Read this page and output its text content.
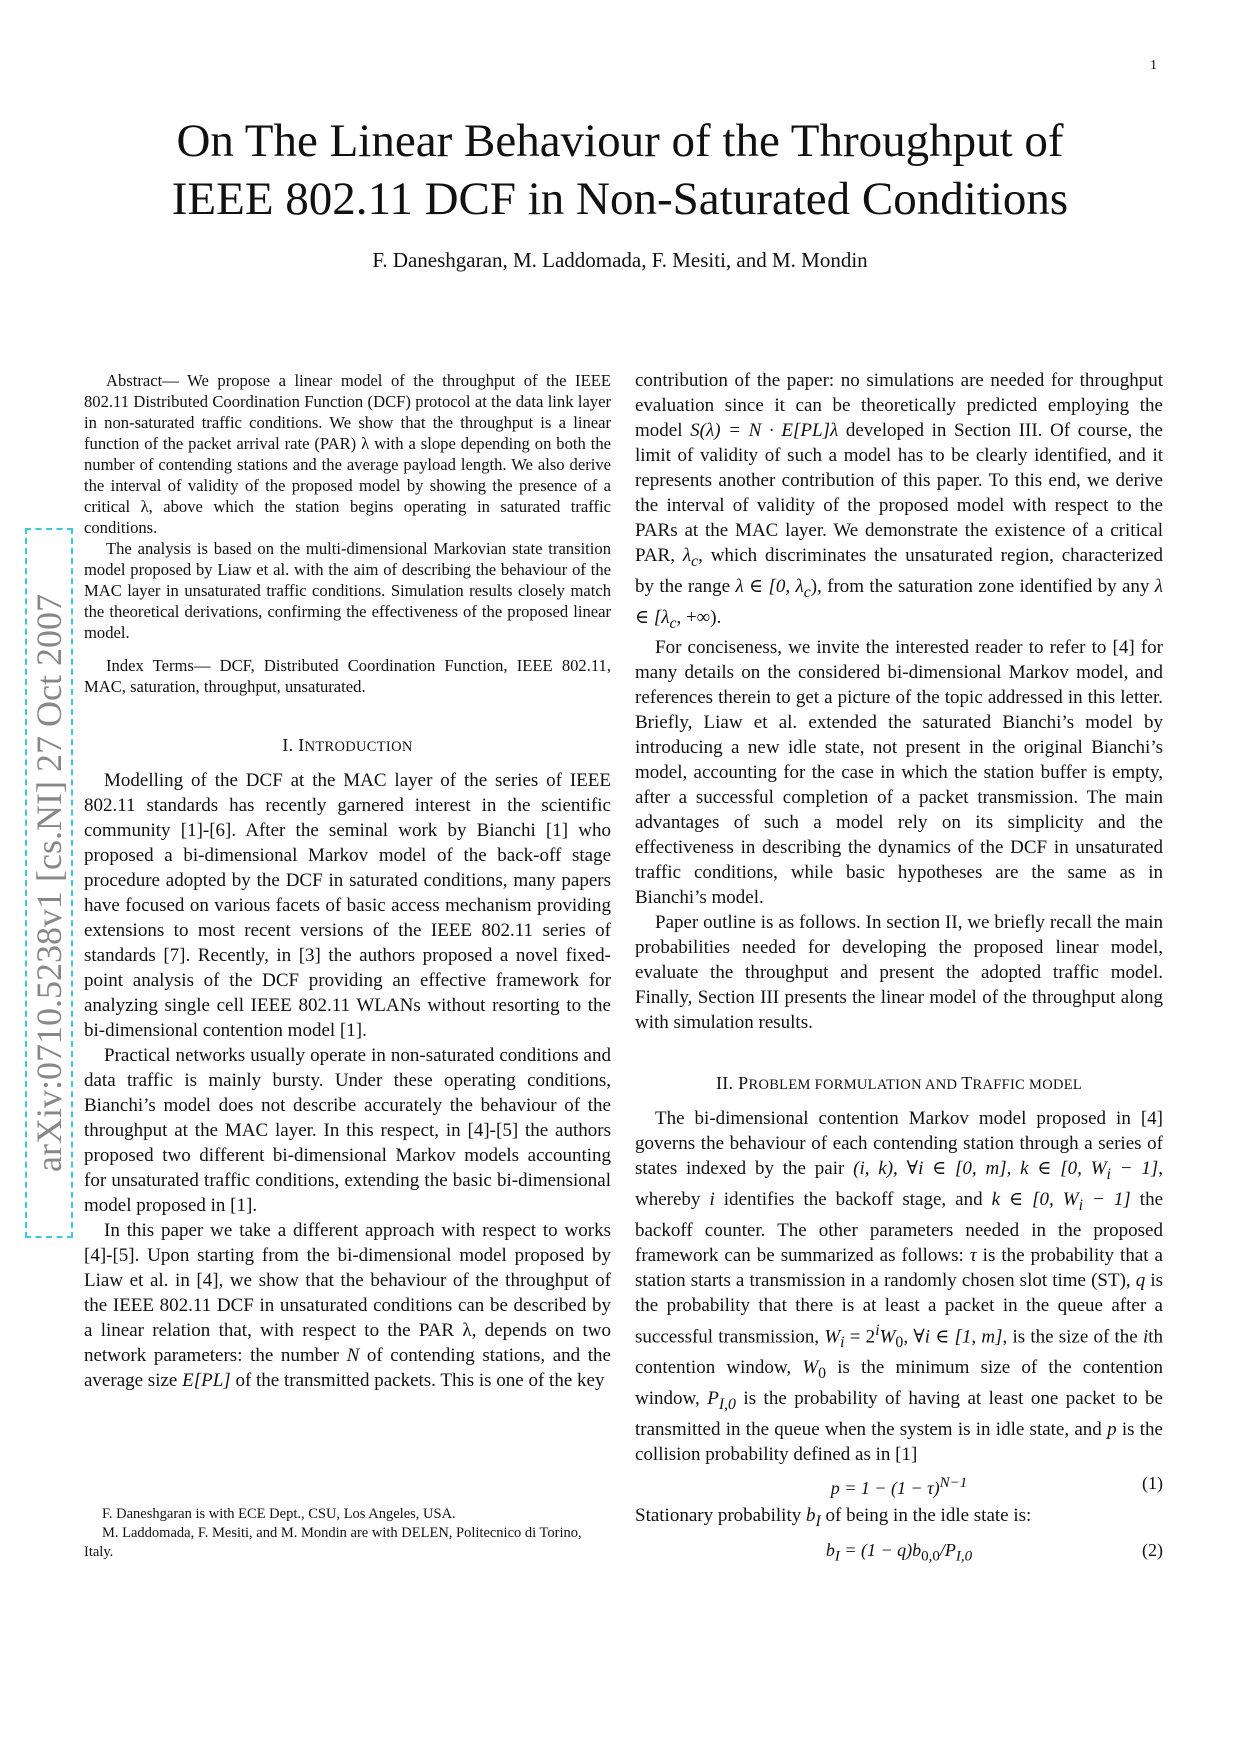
1
On The Linear Behaviour of the Throughput of
IEEE 802.11 DCF in Non-Saturated Conditions
F. Daneshgaran, M. Laddomada, F. Mesiti, and M. Mondin
arXiv:0710.5238v1 [cs.NI] 27 Oct 2007

Abstract— We propose a linear model of the throughput of the IEEE 802.11 Distributed Coordination Function (DCF) protocol at the data link layer in non-saturated traffic conditions. We show that the throughput is a linear function of the packet arrival rate (PAR) λ with a slope depending on both the number of contending stations and the average payload length. We also derive the interval of validity of the proposed model by showing the presence of a critical λ, above which the station begins operating in saturated traffic conditions.

The analysis is based on the multi-dimensional Markovian state transition model proposed by Liaw et al. with the aim of describing the behaviour of the MAC layer in unsaturated traffic conditions. Simulation results closely match the theoretical derivations, confirming the effectiveness of the proposed linear model.

Index Terms— DCF, Distributed Coordination Function, IEEE 802.11, MAC, saturation, throughput, unsaturated.

I. INTRODUCTION

Modelling of the DCF at the MAC layer of the series of IEEE 802.11 standards has recently garnered interest in the scientific community [1]-[6]. After the seminal work by Bianchi [1] who proposed a bi-dimensional Markov model of the back-off stage procedure adopted by the DCF in saturated conditions, many papers have focused on various facets of basic access mechanism providing extensions to most recent versions of the IEEE 802.11 series of standards [7]. Recently, in [3] the authors proposed a novel fixed-point analysis of the DCF providing an effective framework for analyzing single cell IEEE 802.11 WLANs without resorting to the bi-dimensional contention model [1].

Practical networks usually operate in non-saturated conditions and data traffic is mainly bursty. Under these operating conditions, Bianchi’s model does not describe accurately the behaviour of the throughput at the MAC layer. In this respect, in [4]-[5] the authors proposed two different bi-dimensional Markov models accounting for unsaturated traffic conditions, extending the basic bi-dimensional model proposed in [1].

In this paper we take a different approach with respect to works [4]-[5]. Upon starting from the bi-dimensional model proposed by Liaw et al. in [4], we show that the behaviour of the throughput of the IEEE 802.11 DCF in unsaturated conditions can be described by a linear relation that, with respect to the PAR λ, depends on two network parameters: the number N of contending stations, and the average size E[PL] of the transmitted packets. This is one of the key

F. Daneshgaran is with ECE Dept., CSU, Los Angeles, USA.

M. Laddomada, F. Mesiti, and M. Mondin are with DELEN, Politecnico di Torino, Italy.

contribution of the paper: no simulations are needed for throughput evaluation since it can be theoretically predicted employing the model S(λ) = N · E[PL]λ developed in Section III. Of course, the limit of validity of such a model has to be clearly identified, and it represents another contribution of this paper. To this end, we derive the interval of validity of the proposed model with respect to the PARs at the MAC layer. We demonstrate the existence of a critical PAR, $\lambda_c$, which discriminates the unsaturated region, characterized by the range λ ∈ [0, $\lambda_c$), from the saturation zone identified by any λ ∈ [$\lambda_c$, +∞).

For conciseness, we invite the interested reader to refer to [4] for many details on the considered bi-dimensional Markov model, and references therein to get a picture of the topic addressed in this letter. Briefly, Liaw et al. extended the saturated Bianchi’s model by introducing a new idle state, not present in the original Bianchi’s model, accounting for the case in which the station buffer is empty, after a successful completion of a packet transmission. The main advantages of such a model rely on its simplicity and the effectiveness in describing the dynamics of the DCF in unsaturated traffic conditions, while basic hypotheses are the same as in Bianchi’s model.

Paper outline is as follows. In section II, we briefly recall the main probabilities needed for developing the proposed linear model, evaluate the throughput and present the adopted traffic model. Finally, Section III presents the linear model of the throughput along with simulation results.

II. PROBLEM FORMULATION AND TRAFFIC MODEL

The bi-dimensional contention Markov model proposed in [4] governs the behaviour of each contending station through a series of states indexed by the pair (i, k), ∀i ∈ [0, m], k ∈ [0, $W_i - 1$], whereby i identifies the backoff stage, and k ∈ [0, $W_i - 1$] the backoff counter. The other parameters needed in the proposed framework can be summarized as follows: τ is the probability that a station starts a transmission in a randomly chosen slot time (ST), q is the probability that there is at least a packet in the queue after a successful transmission, $W_i = 2^iW_0$, ∀i ∈ [1, m], is the size of the ith contention window, $W_0$ is the minimum size of the contention window, $P_{I,0}$ is the probability of having at least one packet to be transmitted in the queue when the system is in idle state, and p is the collision probability defined as in [1]

$p = 1 - (1 - \tau)^{N-1}$	(1)

Stationary probability $b_I$ of being in the idle state is:

$b_I = (1 - q)b_{0,0}/P_{I,0}$	(2)
